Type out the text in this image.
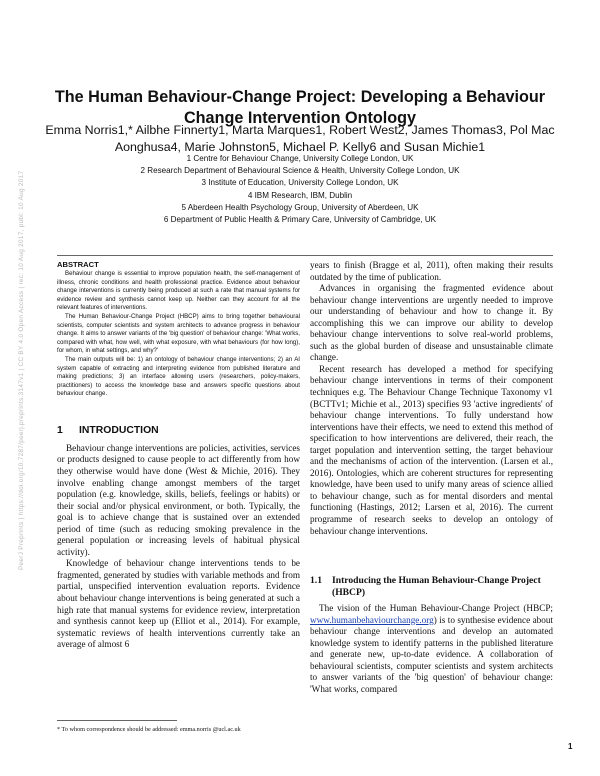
The Human Behaviour-Change Project: Developing a Behaviour Change Intervention Ontology
Emma Norris1,* Ailbhe Finnerty1, Marta Marques1, Robert West2, James Thomas3, Pol Mac Aonghusa4, Marie Johnston5, Michael P. Kelly6 and Susan Michie1
1 Centre for Behaviour Change, University College London, UK
2 Research Department of Behavioural Science & Health, University College London, UK
3 Institute of Education, University College London, UK
4 IBM Research, IBM, Dublin
5 Aberdeen Health Psychology Group, University of Aberdeen, UK
6 Department of Public Health & Primary Care, University of Cambridge, UK
PeerJ Preprints | https://doi.org/10.7287/peerj.preprints.3147v1 | CC BY 4.0 Open Access | rec: 10 Aug 2017, publ: 10 Aug 2017	ABSTRACT

Behaviour change is essential to improve population health, the self-management of illness, chronic conditions and health professional practice. Evidence about behaviour change interventions is currently being produced at such a rate that manual systems for evidence review and synthesis cannot keep up. Neither can they account for all the relevant features of interventions.

The Human Behaviour-Change Project (HBCP) aims to bring together behavioural scientists, computer scientists and system architects to advance progress in behaviour change. It aims to answer variants of the 'big question' of behaviour change: 'What works, compared with what, how well, with what exposure, with what behaviours (for how long), for whom, in what settings, and why?'

The main outputs will be: 1) an ontology of behaviour change interventions; 2) an AI system capable of extracting and interpreting evidence from published literature and making predictions; 3) an interface allowing users (researchers, policy-makers, practitioners) to access the knowledge base and answers specific questions about behaviour change.

1 INTRODUCTION

Behaviour change interventions are policies, activities, services or products designed to cause people to act differently from how they otherwise would have done (West & Michie, 2016). They involve enabling change amongst members of the target population (e.g. knowledge, skills, beliefs, feelings or habits) or their social and/or physical environment, or both. Typically, the goal is to achieve change that is sustained over an extended period of time (such as reducing smoking prevalence in the general population or increasing levels of habitual physical activity).

Knowledge of behaviour change interventions tends to be fragmented, generated by studies with variable methods and from partial, unspecified intervention evaluation reports. Evidence about behaviour change interventions is being generated at such a high rate that manual systems for evidence review, interpretation and synthesis cannot keep up (Elliot et al., 2014). For example, systematic reviews of health interventions currently take an average of almost 6

* To whom correspondence should be addressed: emma.norris @ucl.ac.uk

years to finish (Bragge et al, 2011), often making their results outdated by the time of publication.

Advances in organising the fragmented evidence about behaviour change interventions are urgently needed to improve our understanding of behaviour and how to change it. By accomplishing this we can improve our ability to develop behaviour change interventions to solve real-world problems, such as the global burden of disease and unsustainable climate change.

Recent research has developed a method for specifying behaviour change interventions in terms of their component techniques e.g. The Behaviour Change Technique Taxonomy v1 (BCTTv1; Michie et al., 2013) specifies 93 'active ingredients' of behaviour change interventions. To fully understand how interventions have their effects, we need to extend this method of specification to how interventions are delivered, their reach, the target population and intervention setting, the target behaviour and the mechanisms of action of the intervention. (Larsen et al., 2016). Ontologies, which are coherent structures for representing knowledge, have been used to unify many areas of science allied to behaviour change, such as for mental disorders and mental functioning (Hastings, 2012; Larsen et al, 2016). The current programme of research seeks to develop an ontology of behaviour change interventions.

1.1 Introducing the Human Behaviour-Change Project (HBCP)

The vision of the Human Behaviour-Change Project (HBCP; www.humanbehaviourchange.org) is to synthesise evidence about behaviour change interventions and develop an automated knowledge system to identify patterns in the published literature and generate new, up-to-date evidence. A collaboration of behavioural scientists, computer scientists and system architects to answer variants of the 'big question' of behaviour change: 'What works, compared

1
